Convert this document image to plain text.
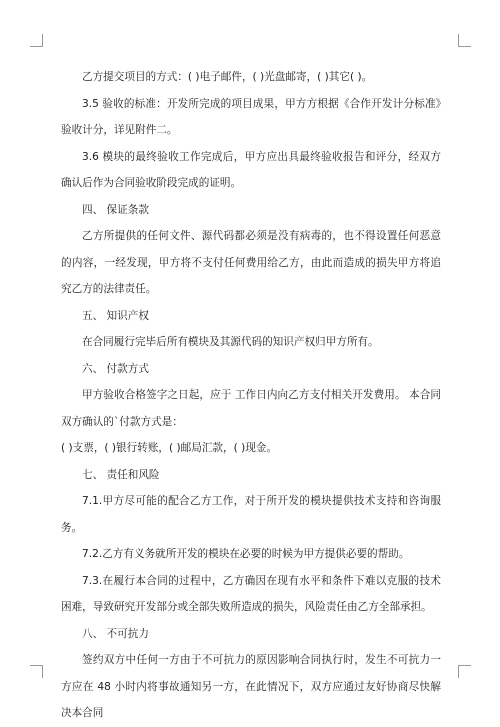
乙方提交项目的方式：( )电子邮件，( )光盘邮寄，( )其它( )。

3.5 验收的标准：开发所完成的项目成果，甲方方根据《合作开发计分标准》验收计分，详见附件二。

3.6 模块的最终验收工作完成后，甲方应出具最终验收报告和评分，经双方确认后作为合同验收阶段完成的证明。

四、 保证条款

乙方所提供的任何文件、源代码都必须是没有病毒的，也不得设置任何恶意的内容，一经发现，甲方将不支付任何费用给乙方，由此而造成的损失甲方将追究乙方的法律责任。

五、 知识产权

在合同履行完毕后所有模块及其源代码的知识产权归甲方所有。

六、 付款方式

甲方验收合格签字之日起，应于 工作日内向乙方支付相关开发费用。 本合同双方确认的`付款方式是：

( )支票，( )银行转账，( )邮局汇款，( )现金。

七、 责任和风险

7.1.甲方尽可能的配合乙方工作，对于所开发的模块提供技术支持和咨询服务。

7.2.乙方有义务就所开发的模块在必要的时候为甲方提供必要的帮助。

7.3.在履行本合同的过程中，乙方确因在现有水平和条件下难以克服的技术困难，导致研究开发部分或全部失败所造成的损失，风险责任由乙方全部承担。

八、 不可抗力

签约双方中任何一方由于不可抗力的原因影响合同执行时，发生不可抗力一方应在 48 小时内将事故通知另一方，在此情况下，双方应通过友好协商尽快解决本合同
